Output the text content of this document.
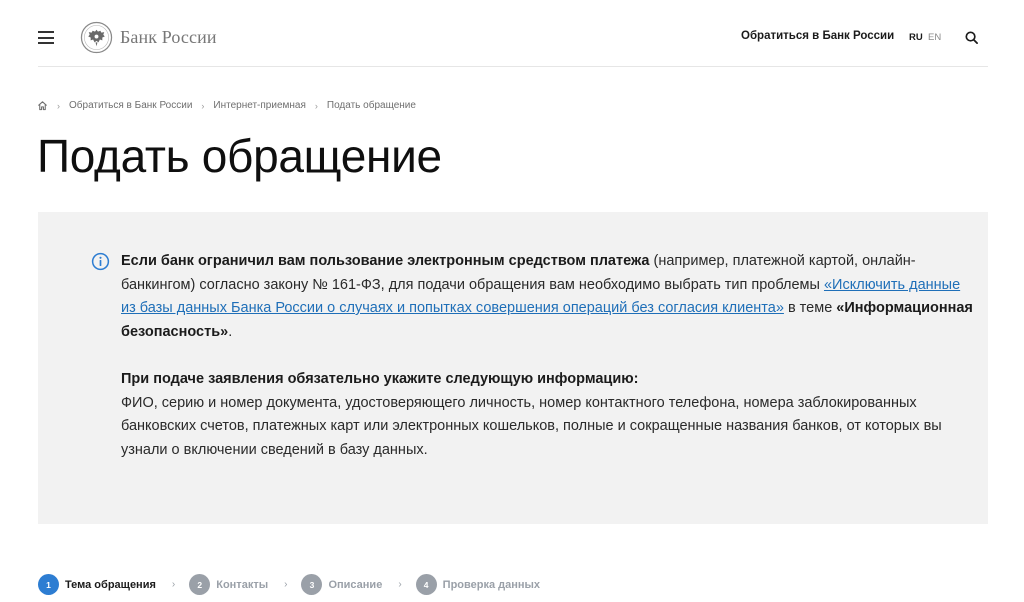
Банк России	Обратиться в Банк России RU EN
› Обратиться в Банк России › Интернет-приемная › Подать обращение
Подать обращение

Если банк ограничил вам пользование электронным средством платежа (например, платежной картой, онлайн-банкингом) согласно закону № 161-ФЗ, для подачи обращения вам необходимо выбрать тип проблемы «Исключить данные из базы данных Банка России о случаях и попытках совершения операций без согласия клиента» в теме «Информационная безопасность».

При подаче заявления обязательно укажите следующую информацию:
ФИО, серию и номер документа, удостоверяющего личность, номер контактного телефона, номера заблокированных банковских счетов, платежных карт или электронных кошельков, полные и сокращенные названия банков, от которых вы узнали о включении сведений в базу данных.

1	Тема обращения ›	2	Контакты ›	3	Описание ›	4	Проверка данных
